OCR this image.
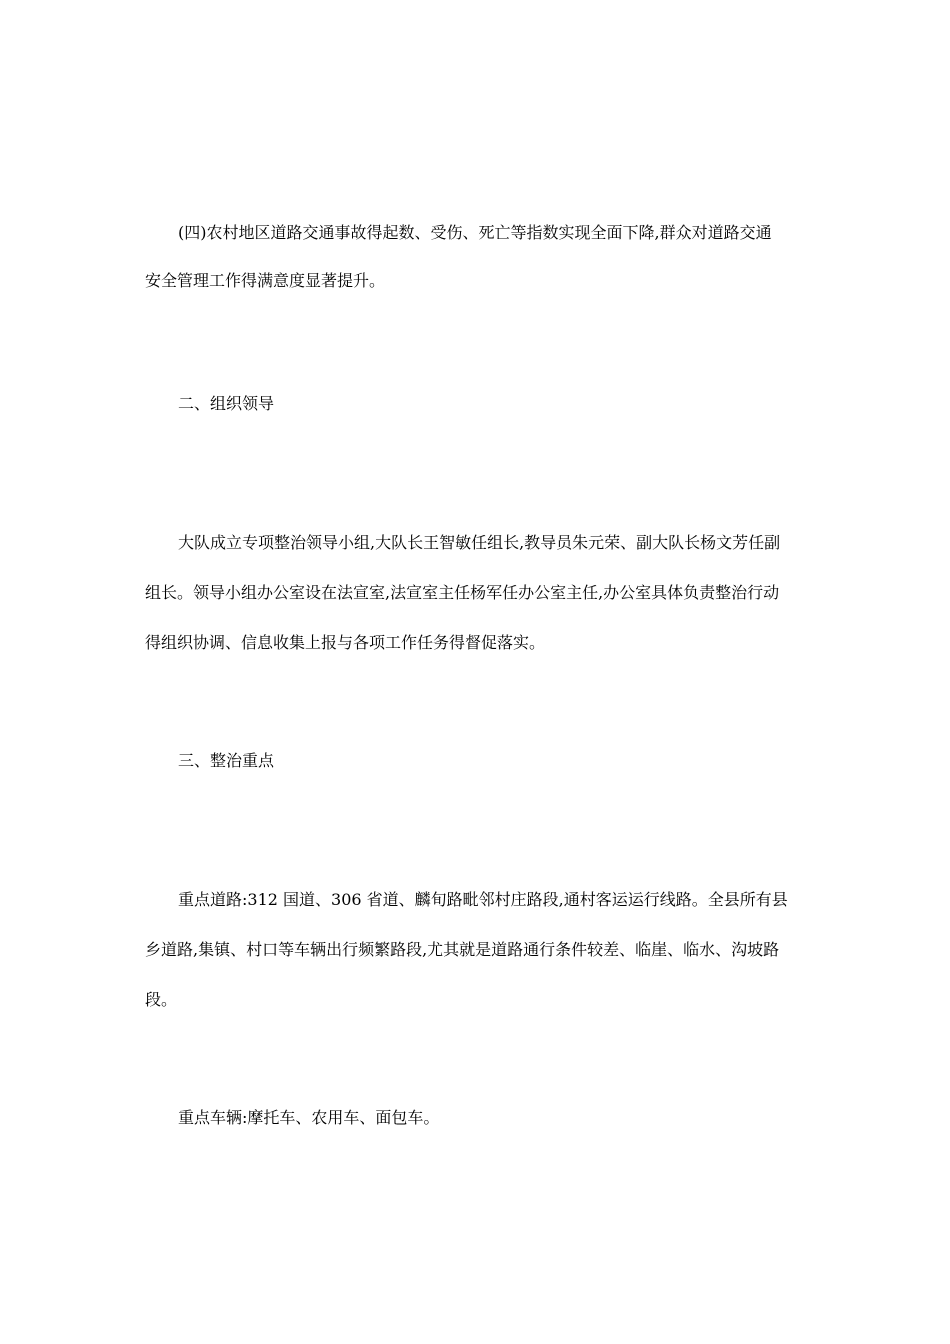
(四)农村地区道路交通事故得起数、受伤、死亡等指数实现全面下降,群众对道路交通
安全管理工作得满意度显著提升。
二、组织领导
大队成立专项整治领导小组,大队长王智敏任组长,教导员朱元荣、副大队长杨文芳任副
组长。领导小组办公室设在法宣室,法宣室主任杨军任办公室主任,办公室具体负责整治行动
得组织协调、信息收集上报与各项工作任务得督促落实。
三、整治重点
重点道路:312 国道、306 省道、麟旬路毗邻村庄路段,通村客运运行线路。全县所有县
乡道路,集镇、村口等车辆出行频繁路段,尤其就是道路通行条件较差、临崖、临水、沟坡路
段。
重点车辆:摩托车、农用车、面包车。
